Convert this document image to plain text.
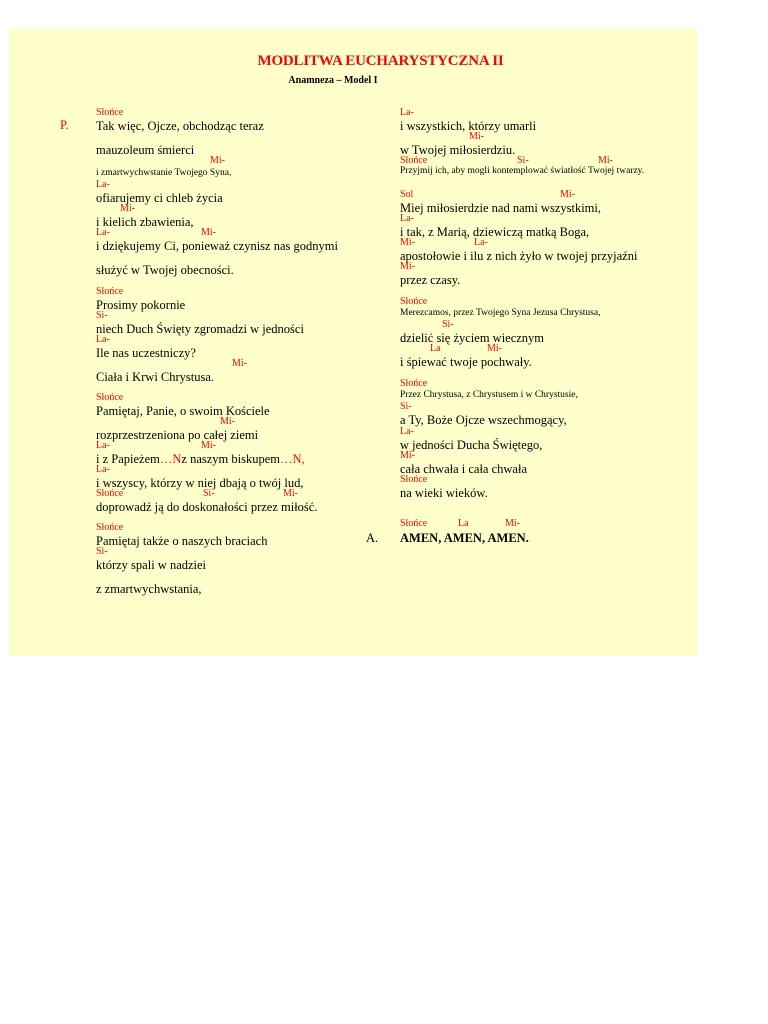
MODLITWA EUCHARYSTYCZNA II
Anamneza – Model I
P.
Słońce
Tak więc, Ojcze, obchodząc teraz
mauzoleum śmierci
Mi-
i zmartwychwstanie Twojego Syna,
La-
ofiarujemy ci chleb życia
Mi-
i kielich zbawienia,
La-	Mi-
i dziękujemy Ci, ponieważ czynisz nas godnymi
służyć w Twojej obecności.
Słońce
Prosimy pokornie
Si-
niech Duch Święty zgromadzi w jedności
La-
Ile nas uczestniczy?
Mi-
Ciała i Krwi Chrystusa.
Słońce
Pamiętaj, Panie, o swoim Kościele
Mi-
rozprzestrzeniona po całej ziemi
La-	Mi-
i z Papieżem…Nz naszym biskupem…N,
La-
i wszyscy, którzy w niej dbają o twój lud,
Słońce	Si-	Mi-
doprowadź ją do doskonałości przez miłość.
Słońce
Pamiętaj także o naszych braciach
Si-
którzy spali w nadziei
z zmartwychwstania,
La-
i wszystkich, którzy umarli
Mi-
w Twojej miłosierdziu.
Słońce	Si-	Mi-
Przyjmij ich, aby mogli kontemplować światłość Twojej twarzy.
Sol	Mi-
Miej miłosierdzie nad nami wszystkimi,
La-
i tak, z Marią, dziewiczą matką Boga,
Mi-	La-
apostołowie i ilu z nich żyło w twojej przyjaźni
Mi-
przez czasy.
Słońce
Merezcamos, przez Twojego Syna Jezusa Chrystusa,
Si-
dzielić się życiem wiecznym
La	Mi-
i śpiewać twoje pochwały.
Słońce
Przez Chrystusa, z Chrystusem i w Chrystusie,
Si-
a Ty, Boże Ojcze wszechmogący,
La-
w jedności Ducha Świętego,
Mi-
cała chwała i cała chwała
Słońce
na wieki wieków.
Słońce	La	Mi-
A. AMEN, AMEN, AMEN.
